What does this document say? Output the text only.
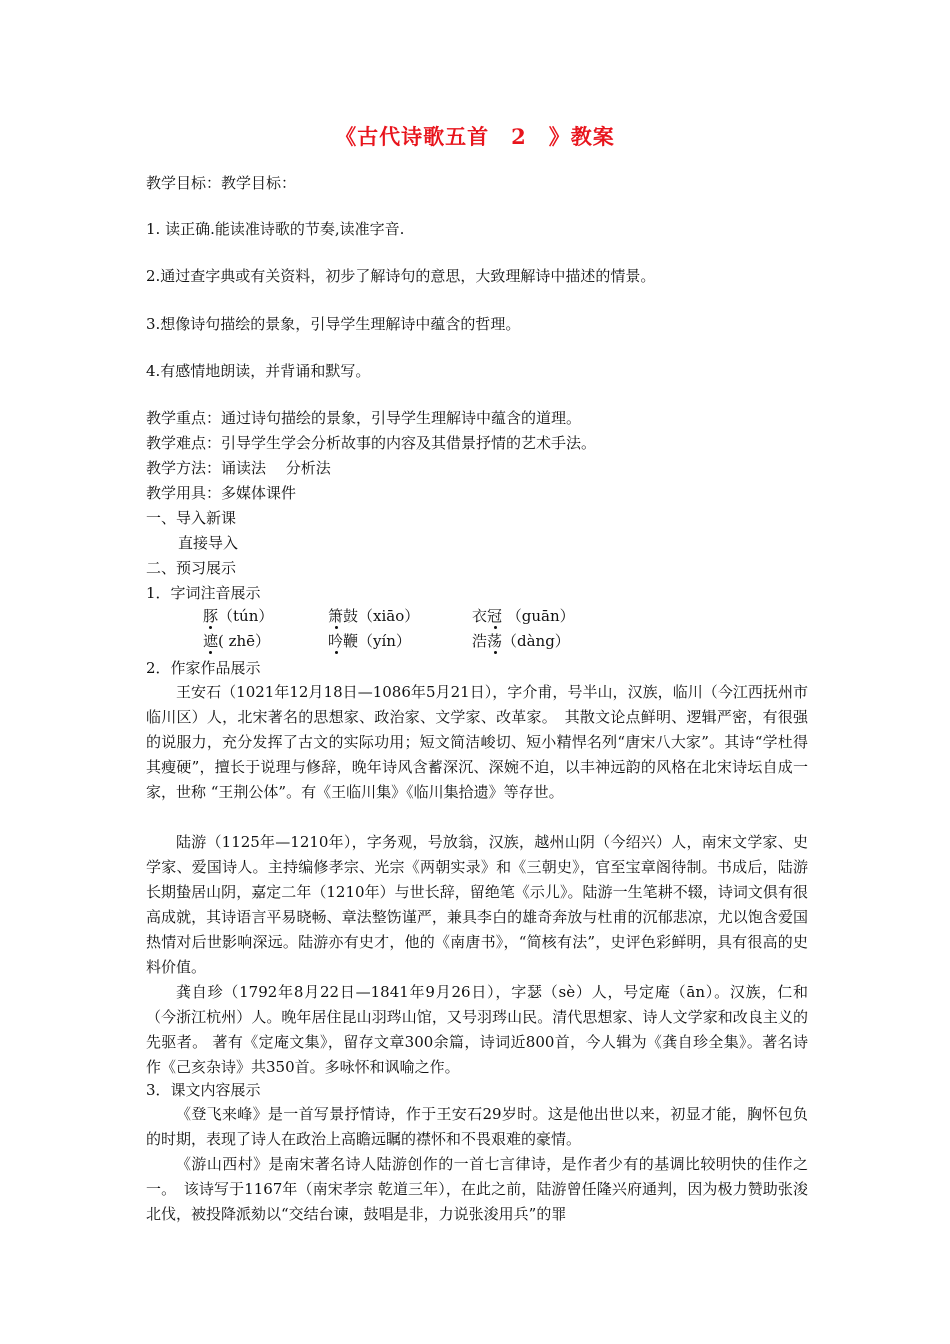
《古代诗歌五首　2　》教案
教学目标：教学目标：
1. 读正确.能读准诗歌的节奏,读准字音.
2.通过查字典或有关资料，初步了解诗句的意思，大致理解诗中描述的情景。
3.想像诗句描绘的景象，引导学生理解诗中蕴含的哲理。
4.有感情地朗读，并背诵和默写。
教学重点：通过诗句描绘的景象，引导学生理解诗中蕴含的道理。
教学难点：引导学生学会分析故事的内容及其借景抒情的艺术手法。
教学方法：诵读法　 分析法
教学用具：多媒体课件
一、导入新课
直接导入
二、预习展示
1．字词注音展示
豚（tún）	箫鼓（xiāo）	衣冠 （guān）
遮( zhē）	吟鞭（yín）	浩荡（dàng）
2．作家作品展示
王安石（1021年12月18日—1086年5月21日），字介甫，号半山，汉族，临川（今江西抚州市临川区）人，北宋著名的思想家、政治家、文学家、改革家。　其散文论点鲜明、逻辑严密，有很强的说服力，充分发挥了古文的实际功用；短文简洁峻切、短小精悍名列“唐宋八大家”。其诗“学杜得其瘦硬”，擅长于说理与修辞，晚年诗风含蓄深沉、深婉不迫，以丰神远韵的风格在北宋诗坛自成一家，世称 “王荆公体”。有《王临川集》《临川集拾遗》等存世。
陆游（1125年—1210年），字务观，号放翁，汉族，越州山阴（今绍兴）人，南宋文学家、史学家、爱国诗人。主持编修孝宗、光宗《两朝实录》和《三朝史》，官至宝章阁待制。书成后，陆游长期蛰居山阴，嘉定二年（1210年）与世长辞，留绝笔《示儿》。陆游一生笔耕不辍，诗词文俱有很高成就，其诗语言平易晓畅、章法整饬谨严，兼具李白的雄奇奔放与杜甫的沉郁悲凉，尤以饱含爱国热情对后世影响深远。陆游亦有史才，他的《南唐书》，“简核有法”，史评色彩鲜明，具有很高的史料价值。
龚自珍（1792年8月22日—1841年9月26日），字瑟（sè）人，号定庵（ān）。汉族，仁和（今浙江杭州）人。晚年居住昆山羽琌山馆，又号羽琌山民。清代思想家、诗人文学家和改良主义的先驱者。 著有《定庵文集》，留存文章300余篇，诗词近800首，今人辑为《龚自珍全集》。著名诗作《己亥杂诗》共350首。多咏怀和讽喻之作。
3．课文内容展示
《登飞来峰》是一首写景抒情诗，作于王安石29岁时。这是他出世以来，初显才能，胸怀包负的时期，表现了诗人在政治上高瞻远瞩的襟怀和不畏艰难的豪情。
《游山西村》是南宋著名诗人陆游创作的一首七言律诗，是作者少有的基调比较明快的佳作之一。　该诗写于1167年（南宋孝宗 乾道三年），在此之前，陆游曾任隆兴府通判，因为极力赞助张浚北伐，被投降派劾以“交结台谏，鼓唱是非，力说张浚用兵”的罪
